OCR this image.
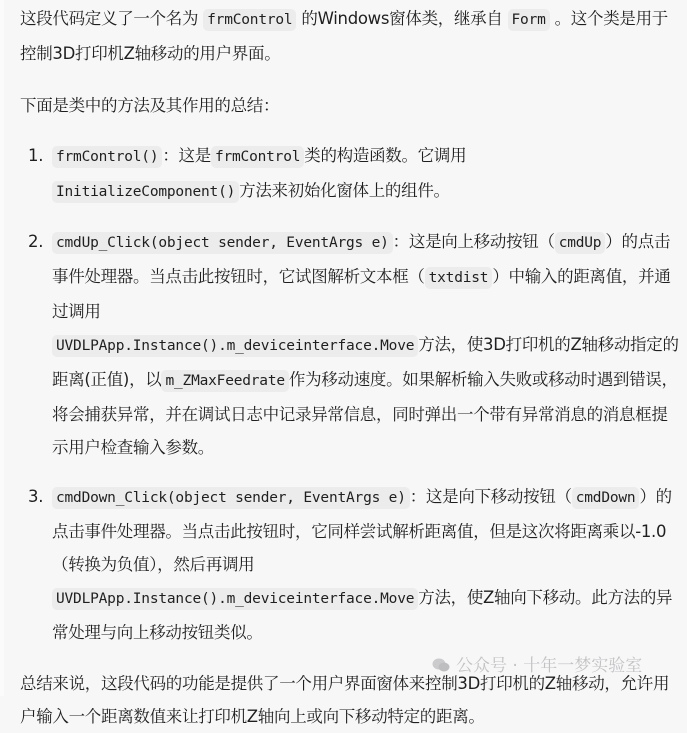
这段代码定义了一个名为 frmControl 的Windows窗体类，继承自 Form 。这个类是用于控制3D打印机Z轴移动的用户界面。

下面是类中的方法及其作用的总结：

1. frmControl() ：这是 frmControl 类的构造函数。它调用
InitializeComponent() 方法来初始化窗体上的组件。
2. cmdUp_Click(object sender, EventArgs e) ：这是向上移动按钮（ cmdUp ）的点击事件处理器。当点击此按钮时，它试图解析文本框（ txtdist ）中输入的距离值，并通过调用
UVDLPApp.Instance().m_deviceinterface.Move 方法，使3D打印机的Z轴移动指定的距离(正值)，以 m_ZMaxFeedrate 作为移动速度。如果解析输入失败或移动时遇到错误，将会捕获异常，并在调试日志中记录异常信息，同时弹出一个带有异常消息的消息框提示用户检查输入参数。
3. cmdDown_Click(object sender, EventArgs e) ：这是向下移动按钮（ cmdDown ）的点击事件处理器。当点击此按钮时，它同样尝试解析距离值，但是这次将距离乘以-1.0（转换为负值），然后再调用
UVDLPApp.Instance().m_deviceinterface.Move 方法，使Z轴向下移动。此方法的异常处理与向上移动按钮类似。

总结来说，这段代码的功能是提供了一个用户界面窗体来控制3D打印机的Z轴移动，允许用户输入一个距离数值来让打印机Z轴向上或向下移动特定的距离。

公众号 · 十年一梦实验室
